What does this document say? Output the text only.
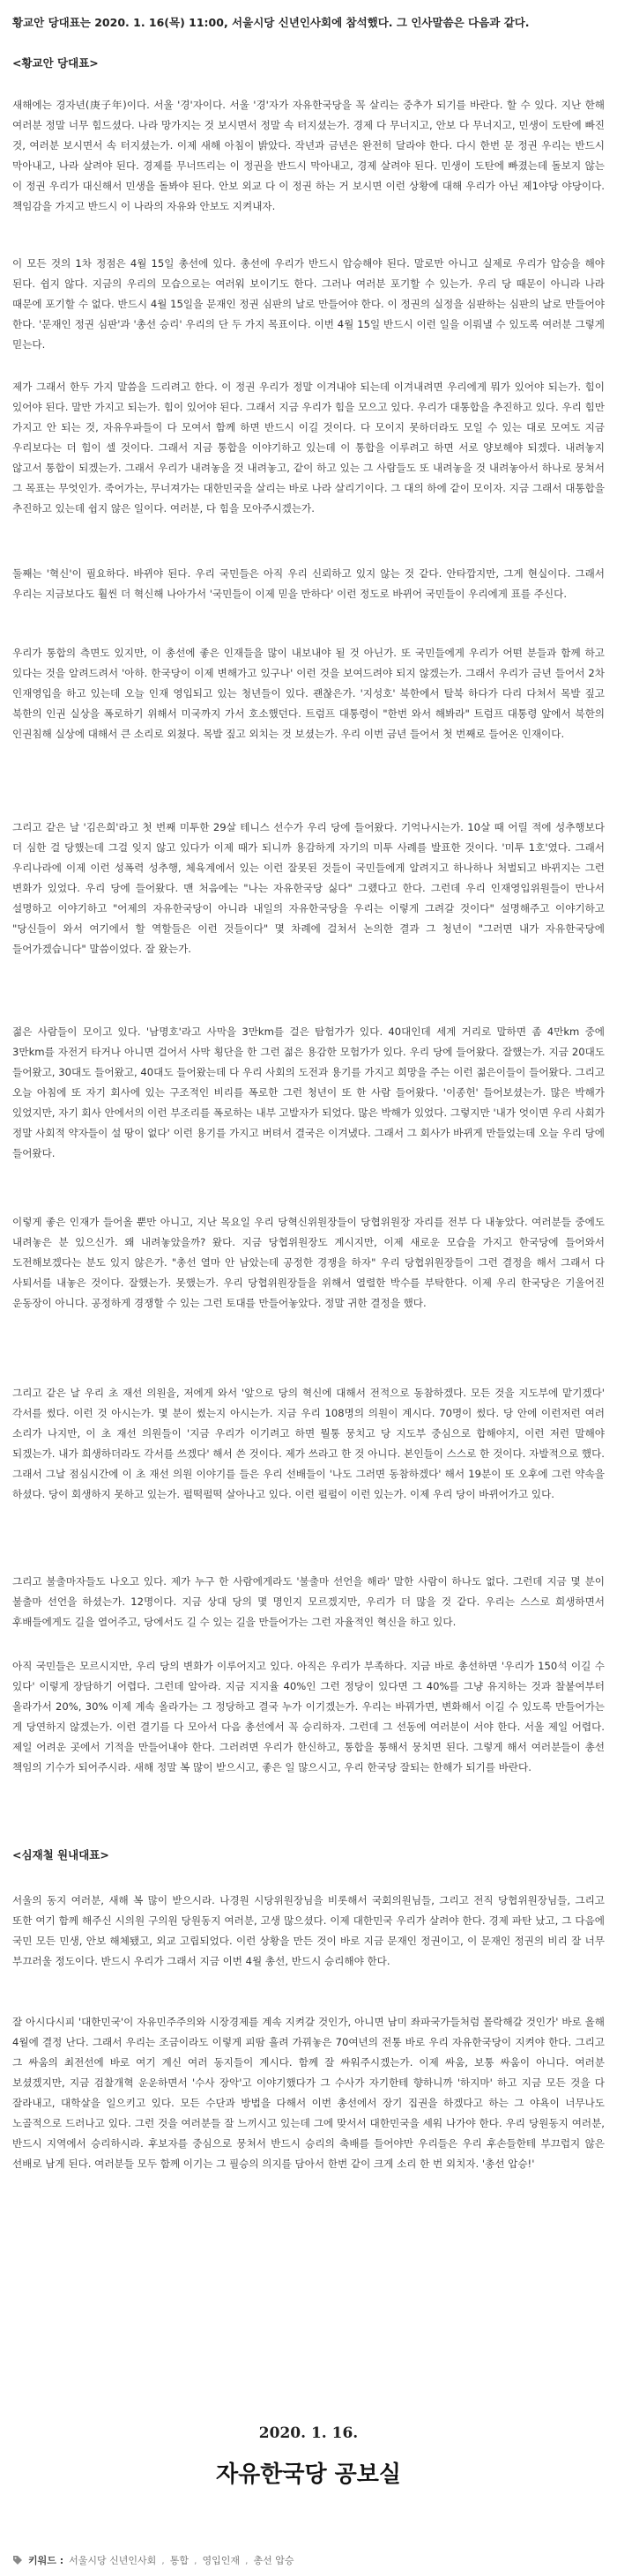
황교안 당대표는 2020. 1. 16(목) 11:00, 서울시당 신년인사회에 참석했다. 그 인사말씀은 다음과 같다.
<황교안 당대표>
새해에는 경자년(庚子年)이다. 서울 '경'자이다. 서울 '경'자가 자유한국당을 꼭 살리는 중추가 되기를 바란다. 할 수 있다. 지난 한해 여러분 정말 너무 힘드셨다. 나라 망가지는 것 보시면서 정말 속 터지셨는가. 경제 다 무너지고, 안보 다 무너지고, 민생이 도탄에 빠진 것, 여러분 보시면서 속 터지셨는가. 이제 새해 아침이 밝았다. 작년과 금년은 완전히 달라야 한다. 다시 한번 문 정권 우리는 반드시 막아내고, 나라 살려야 된다. 경제를 무너뜨리는 이 정권을 반드시 막아내고, 경제 살려야 된다. 민생이 도탄에 빠졌는데 돌보지 않는 이 정권 우리가 대신해서 민생을 돌봐야 된다. 안보 외교 다 이 정권 하는 거 보시면 이런 상황에 대해 우리가 아닌 제1야당 야당이다. 책임감을 가지고 반드시 이 나라의 자유와 안보도 지켜내자.
이 모든 것의 1차 정점은 4월 15일 총선에 있다. 총선에 우리가 반드시 압승해야 된다. 말로만 아니고 실제로 우리가 압승을 해야 된다. 쉽지 않다. 지금의 우리의 모습으로는 여러워 보이기도 한다. 그러나 여러분 포기할 수 있는가. 우리 당 때문이 아니라 나라 때문에 포기할 수 없다. 반드시 4월 15일을 문재인 정권 심판의 날로 만들어야 한다. 이 정권의 실정을 심판하는 심판의 날로 만들어야 한다. '문재인 정권 심판'과 '총선 승리' 우리의 단 두 가지 목표이다. 이번 4월 15일 반드시 이런 일을 이뤄낼 수 있도록 여러분 그렇게 믿는다.
제가 그래서 한두 가지 말씀을 드리려고 한다. 이 정권 우리가 정말 이겨내야 되는데 이겨내려면 우리에게 뭐가 있어야 되는가. 힘이 있어야 된다. 말만 가지고 되는가. 힘이 있어야 된다. 그래서 지금 우리가 힘을 모으고 있다. 우리가 대통합을 추진하고 있다. 우리 힘만 가지고 안 되는 것, 자유우파들이 다 모여서 함께 하면 반드시 이길 것이다. 다 모이지 못하더라도 모일 수 있는 대로 모여도 지금 우리보다는 더 힘이 셀 것이다. 그래서 지금 통합을 이야기하고 있는데 이 통합을 이루려고 하면 서로 양보해야 되겠다. 내려놓지 않고서 통합이 되겠는가. 그래서 우리가 내려놓을 것 내려놓고, 같이 하고 있는 그 사람들도 또 내려놓을 것 내려놓아서 하나로 뭉쳐서 그 목표는 무엇인가. 죽어가는, 무너져가는 대한민국을 살리는 바로 나라 살리기이다. 그 대의 하에 같이 모이자. 지금 그래서 대통합을 추진하고 있는데 쉽지 않은 일이다. 여러분, 다 힘을 모아주시겠는가.
둘째는 '혁신'이 필요하다. 바뀌야 된다. 우리 국민들은 아직 우리 신뢰하고 있지 않는 것 같다. 안타깝지만, 그게 현실이다. 그래서 우리는 지금보다도 훨씬 더 혁신해 나아가서 '국민들이 이제 믿을 만하다' 이런 정도로 바뀌어 국민들이 우리에게 표를 주신다.
우리가 통합의 측면도 있지만, 이 총선에 좋은 인재들을 많이 내보내야 될 것 아닌가. 또 국민들에게 우리가 어떤 분들과 함께 하고 있다는 것을 알려드려서 '아하. 한국당이 이제 변해가고 있구나' 이런 것을 보여드려야 되지 않겠는가. 그래서 우리가 금년 들어서 2차 인재영입을 하고 있는데 오늘 인재 영입되고 있는 청년들이 있다. 괜찮은가. '지성호' 북한에서 탈북 하다가 다리 다쳐서 목발 짚고 북한의 인권 실상을 폭로하기 위해서 미국까지 가서 호소했던다. 트럼프 대통령이 "한번 와서 해봐라" 트럼프 대통령 앞에서 북한의 인권침해 실상에 대해서 큰 소리로 외쳤다. 목발 짚고 외치는 것 보셨는가. 우리 이번 금년 들어서 첫 번째로 들어온 인재이다.
그리고 같은 날 '김은희'라고 첫 번째 미투한 29살 테니스 선수가 우리 당에 들어왔다. 기억나시는가. 10살 때 어릴 적에 성추행보다 더 심한 걸 당했는데 그걸 잊지 않고 있다가 이제 때가 되니까 용감하게 자기의 미투 사례를 발표한 것이다. '미투 1호'였다. 그래서 우리나라에 이제 이런 성폭력 성추행, 체육계에서 있는 이런 잘못된 것들이 국민들에게 알려지고 하나하나 처벌되고 바뀌지는 그런 변화가 있었다. 우리 당에 들어왔다. 맨 처음에는 "나는 자유한국당 싫다" 그랬다고 한다. 그런데 우리 인재영입위원들이 만나서 설명하고 이야기하고 "어제의 자유한국당이 아니라 내일의 자유한국당을 우리는 이렇게 그려갈 것이다" 설명해주고 이야기하고 "당신들이 와서 여기에서 할 역할들은 이런 것들이다" 몇 차례에 걸쳐서 논의한 결과 그 청년이 "그러면 내가 자유한국당에 들어가겠습니다" 말씀이었다. 잘 왔는가.
젊은 사람들이 모이고 있다. '남명호'라고 사막을 3만km를 걸은 탐험가가 있다. 40대인데 세계 거리로 말하면 좀 4만km 중에 3만km를 자전거 타거나 아니면 걸어서 사막 횡단을 한 그런 젊은 용감한 모험가가 있다. 우리 당에 들어왔다. 잘했는가. 지금 20대도 들어왔고, 30대도 들어왔고, 40대도 들어왔는데 다 우리 사회의 도전과 용기를 가지고 희망을 주는 이런 젊은이들이 들어왔다. 그리고 오늘 아침에 또 자기 회사에 있는 구조적인 비리를 폭로한 그런 청년이 또 한 사람 들어왔다. '이종헌' 들어보셨는가. 많은 박해가 있었지만, 자기 회사 안에서의 이런 부조리를 폭로하는 내부 고발자가 되었다. 많은 박해가 있었다. 그렇지만 '내가 엇이면 우리 사회가 정말 사회적 약자들이 설 땅이 없다' 이런 용기를 가지고 버텨서 결국은 이겨냈다. 그래서 그 회사가 바뀌게 만들었는데 오늘 우리 당에 들어왔다.
이렇게 좋은 인재가 들어올 뿐만 아니고, 지난 목요일 우리 당혁신위원장들이 당협위원장 자리를 전부 다 내놓았다. 여러분들 중에도 내려놓은 분 있으신가. 왜 내려놓았을까? 왔다. 지금 당협위원장도 계시지만, 이제 새로운 모습을 가지고 한국당에 들어와서 도전해보겠다는 분도 있지 않은가. "총선 열마 안 남았는데 공정한 경쟁을 하자" 우리 당협위원장들이 그런 결정을 해서 그래서 다 사퇴서를 내놓은 것이다. 잘했는가. 못했는가. 우리 당협위원장들을 위해서 열렬한 박수를 부탁한다. 이제 우리 한국당은 기울어진 운동장이 아니다. 공정하게 경쟁할 수 있는 그런 토대를 만들어놓았다. 정말 귀한 결정을 했다.
그리고 같은 날 우리 초 재선 의원을, 저에게 와서 '앞으로 당의 혁신에 대해서 전적으로 동참하겠다. 모든 것을 지도부에 맡기겠다' 각서를 썼다. 이런 것 아시는가. 몇 분이 썼는지 아시는가. 지금 우리 108명의 의원이 계시다. 70명이 썼다. 당 안에 이런저런 여러 소리가 나지만, 이 초 재선 의원들이 '지금 우리가 이기려고 하면 뭘통 뭉치고 당 지도부 중심으로 합해야지, 이런 저런 말해야 되겠는가. 내가 희생하더라도 각서를 쓰겠다' 해서 쓴 것이다. 제가 쓰라고 한 것 아니다. 본인들이 스스로 한 것이다. 자발적으로 했다. 그래서 그날 점심시간에 이 초 재선 의원 이야기를 들은 우리 선배들이 '나도 그러면 동참하겠다' 해서 19분이 또 오후에 그런 약속을 하셨다. 당이 회생하지 못하고 있는가. 펄떡펄떡 살아나고 있다. 이런 펄펄이 이런 있는가. 이제 우리 당이 바뀌어가고 있다.
그리고 불출마자들도 나오고 있다. 제가 누구 한 사람에게라도 '불출마 선언을 해라' 말한 사람이 하나도 없다. 그런데 지금 몇 분이 불출마 선언을 하셨는가. 12명이다. 지금 상대 당의 몇 명인지 모르겠지만, 우리가 더 많을 것 같다. 우리는 스스로 희생하면서 후배들에게도 길을 열어주고, 당에서도 길 수 있는 길을 만들어가는 그런 자율적인 혁신을 하고 있다.
아직 국민들은 모르시지만, 우리 당의 변화가 이루어지고 있다. 아직은 우리가 부족하다. 지금 바로 총선하면 '우리가 150석 이길 수 있다' 이렇게 장담하기 어렵다. 그런데 알아라. 지금 지지율 40%인 그런 정당이 있다면 그 40%를 그냥 유지하는 것과 찰붙여부터 올라가서 20%, 30% 이제 계속 올라가는 그 정당하고 결국 누가 이기겠는가. 우리는 바꿔가면, 변화해서 이길 수 있도록 만들어가는 게 당연하지 않겠는가. 이런 결기를 다 모아서 다음 총선에서 꼭 승리하자. 그런데 그 선동에 여러분이 서야 한다. 서울 제일 어렵다. 제일 어려운 곳에서 기적을 만들어내야 한다. 그러려면 우리가 한신하고, 통합을 통해서 뭉치면 된다. 그렇게 해서 여러분들이 총선 책임의 기수가 되어주시라. 새해 정말 복 많이 받으시고, 좋은 일 많으시고, 우리 한국당 잘되는 한해가 되기를 바란다.
<심재철 원내대표>
서울의 동지 여러분, 새해 복 많이 받으시라. 나경원 시당위원장님을 비롯해서 국회의원님들, 그리고 전직 당협위원장님들, 그리고 또한 여기 함께 해주신 시의원 구의원 당원동지 여러분, 고생 많으셨다. 이제 대한민국 우리가 살려야 한다. 경제 파탄 났고, 그 다음에 국민 모든 민생, 안보 해체됐고, 외교 고립되었다. 이런 상황을 만든 것이 바로 지금 문재인 정권이고, 이 문재인 정권의 비리 잘 너무 부끄러울 정도이다. 반드시 우리가 그래서 지금 이번 4월 총선, 반드시 승리해야 한다.
잘 아시다시피 '대한민국'이 자유민주주의와 시장경제를 계속 지켜갈 것인가, 아니면 남미 좌파국가들처럼 몰락해갈 것인가' 바로 올해 4월에 결정 난다. 그래서 우리는 조금이라도 이렇게 피땀 흘려 가꿔놓은 70여년의 전통 바로 우리 자유한국당이 지켜야 한다. 그리고 그 싸움의 최전선에 바로 여기 계신 여러 동지들이 계시다. 함께 잘 싸워주시겠는가. 이제 싸움, 보통 싸움이 아니다. 여러분 보셨겠지만, 지금 검찰개혁 운운하면서 '수사 장악'고 이야기했다가 그 수사가 자기한테 향하니까 '하지마' 하고 지금 모든 것을 다 잘라내고, 대학살을 일으키고 있다. 모든 수단과 방법을 다해서 이번 총선에서 장기 집권을 하겠다고 하는 그 야욕이 너무나도 노골적으로 드러나고 있다. 그런 것을 여러분들 잘 느끼시고 있는데 그에 맞서서 대한민국을 세워 나가야 한다. 우리 당원동지 여러분, 반드시 지역에서 승리하시라. 후보자를 중심으로 뭉쳐서 반드시 승리의 축배를 들어야만 우리들은 우리 후손들한테 부끄럽지 않은 선배로 남게 된다. 여러분들 모두 함께 이기는 그 필승의 의지를 담아서 한번 같이 크게 소리 한 번 외치자. '총선 압승!'
2020. 1. 16.
자유한국당 공보실
키워드 : 서울시당 신년인사회 , 통합 , 영입인재 , 총선 압승
